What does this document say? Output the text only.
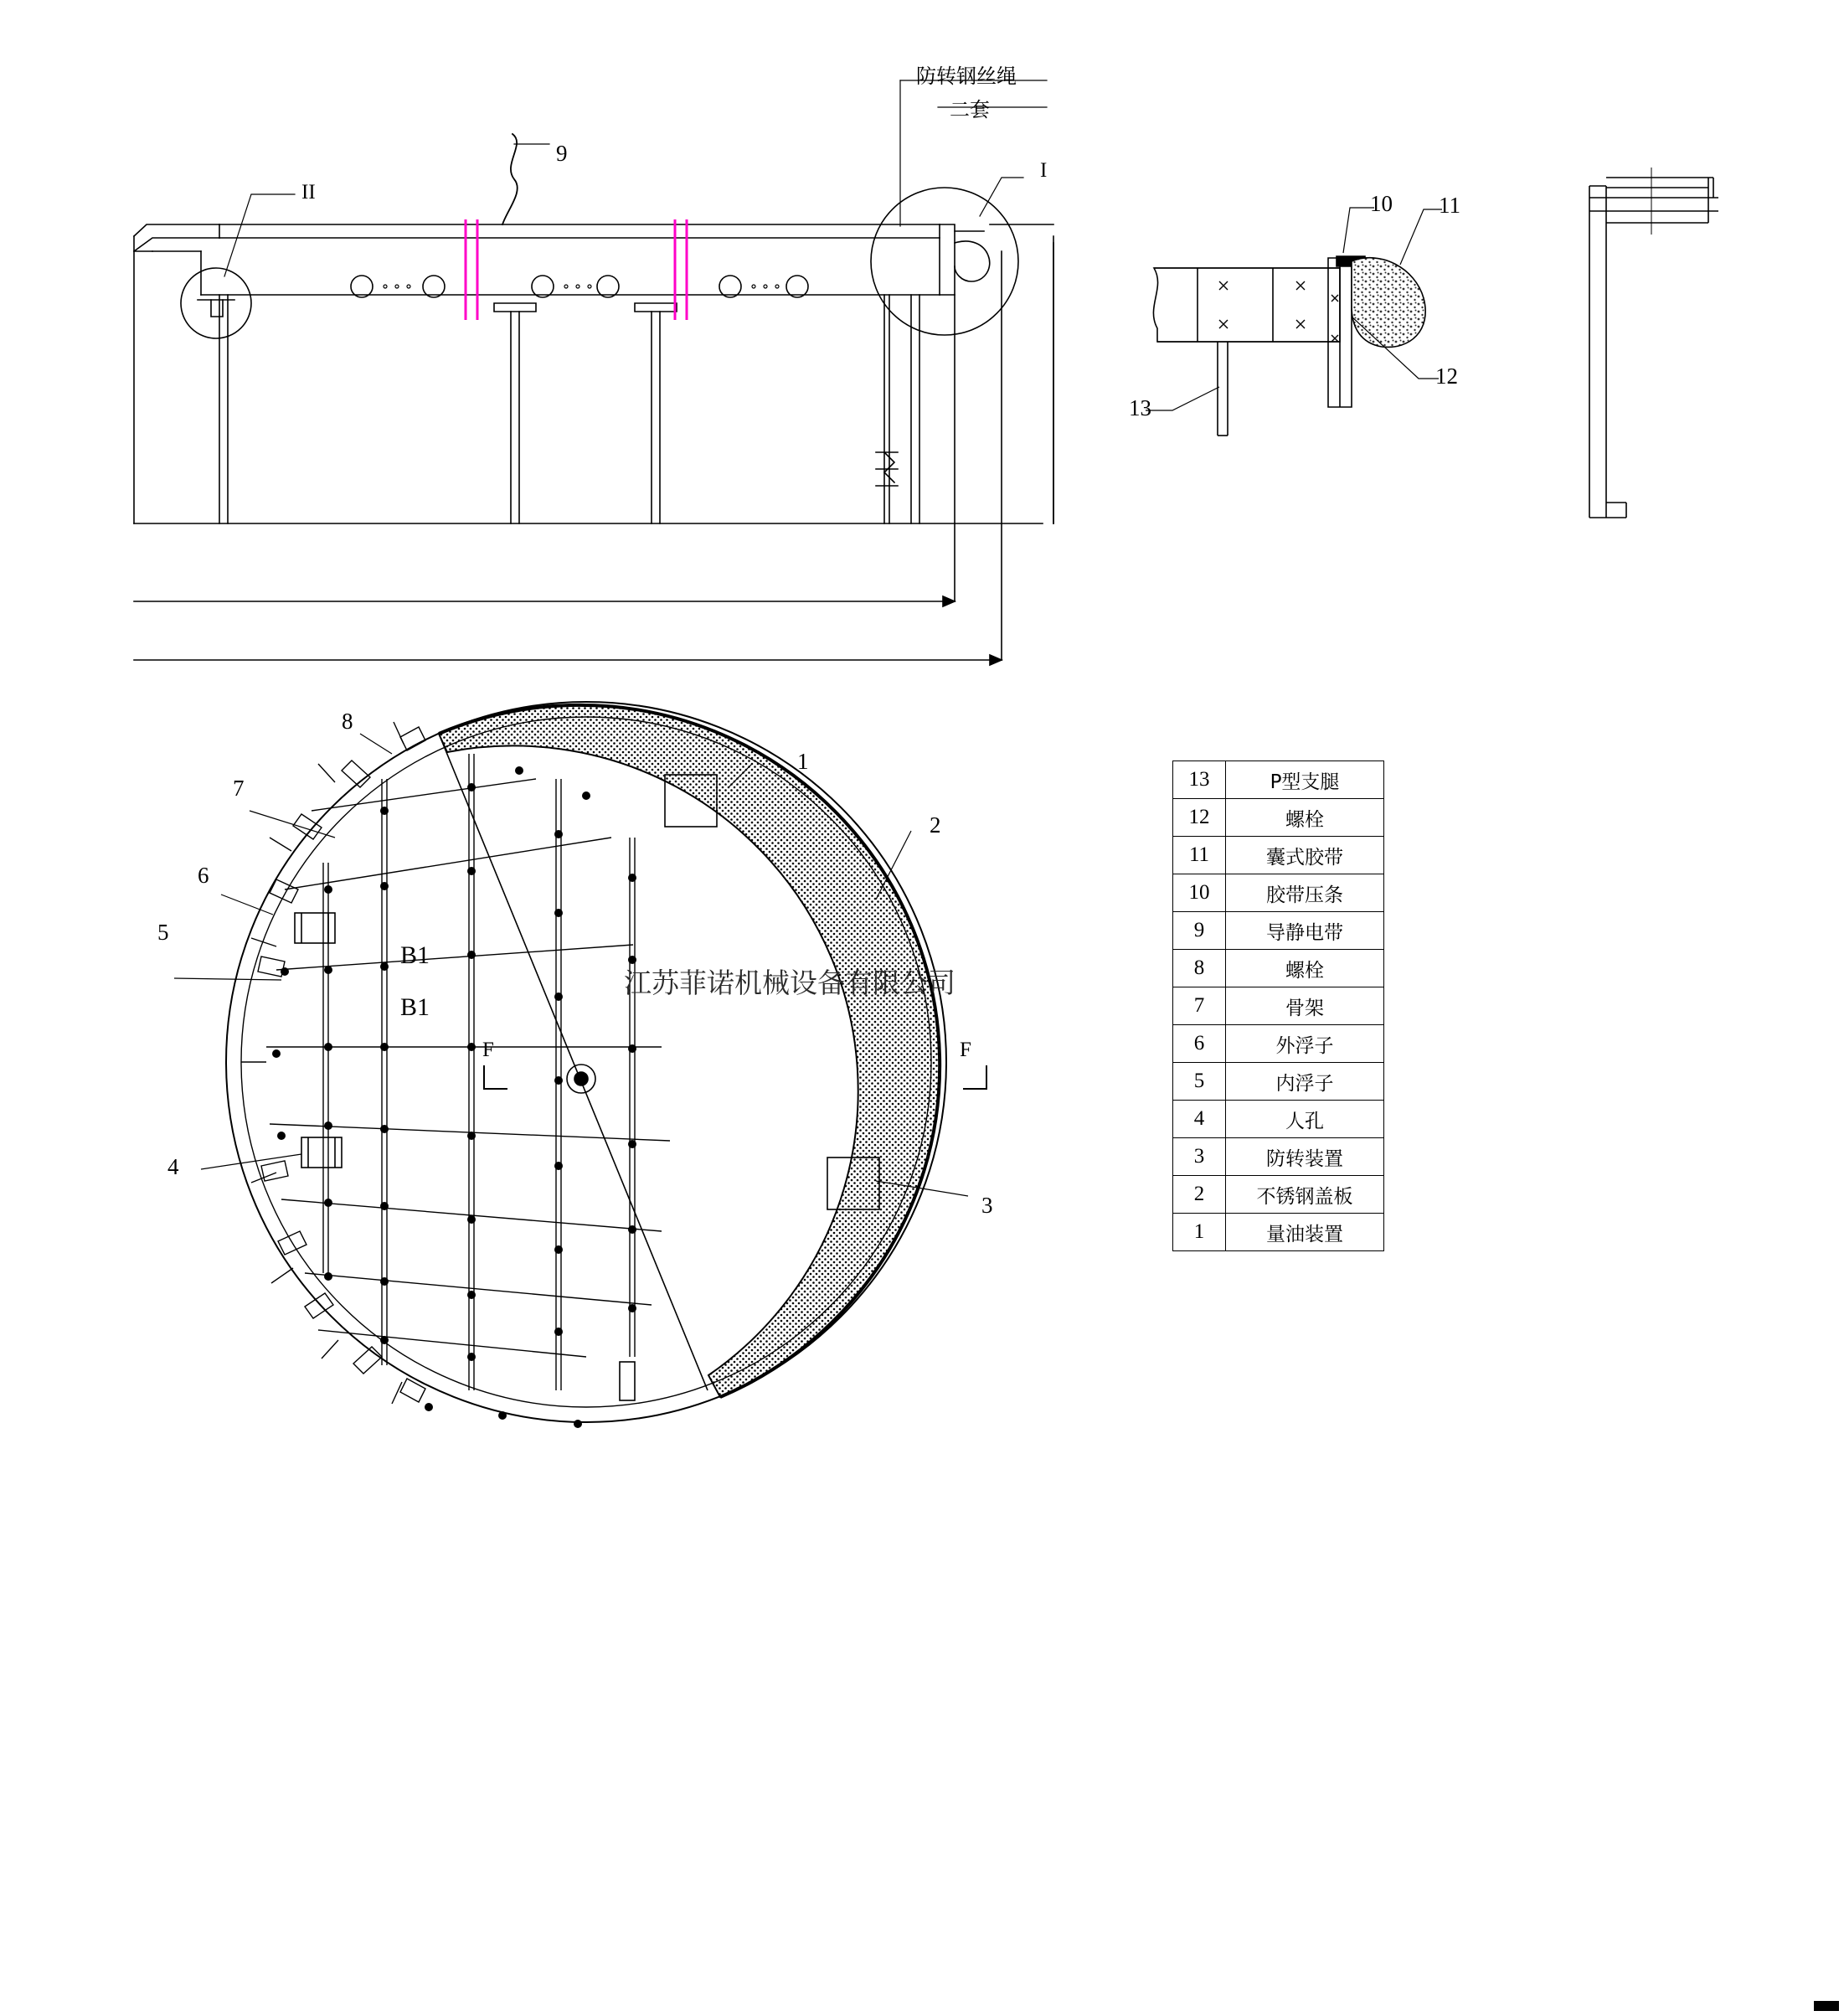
防转钢丝绳
二套
II
I
F	F
9
1
2
3
4
5
6
7
8
10 11
12
13
B1
B1
江苏菲诺机械设备有限公司
13	P型支腿
12	螺栓
11	囊式胶带
10	胶带压条
9	导静电带
8	螺栓
7	骨架
6	外浮子
5	内浮子
4	人孔
3	防转装置
2	不锈钢盖板
1	量油装置
